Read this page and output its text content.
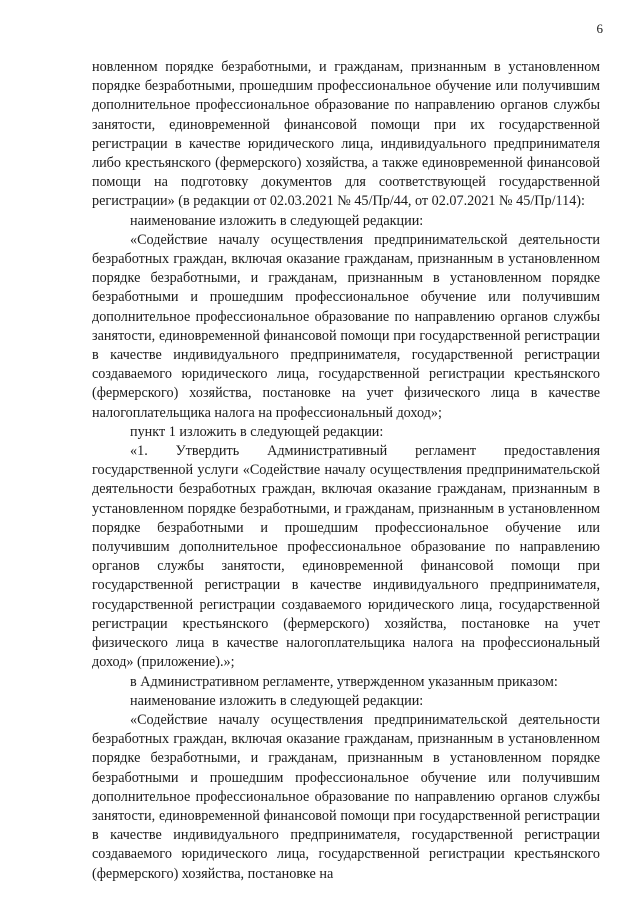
6

новленном порядке безработными, и гражданам, признанным в установленном порядке безработными, прошедшим профессиональное обучение или получившим дополнительное профессиональное образование по направлению органов службы занятости, единовременной финансовой помощи при их государственной регистрации в качестве юридического лица, индивидуального предпринимателя либо крестьянского (фермерского) хозяйства, а также единовременной финансовой помощи на подготовку документов для соответствующей государственной регистрации» (в редакции от 02.03.2021 № 45/Пр/44, от 02.07.2021 № 45/Пр/114):

наименование изложить в следующей редакции:

«Содействие началу осуществления предпринимательской деятельности безработных граждан, включая оказание гражданам, признанным в установленном порядке безработными, и гражданам, признанным в установленном порядке безработными и прошедшим профессиональное обучение или получившим дополнительное профессиональное образование по направлению органов службы занятости, единовременной финансовой помощи при государственной регистрации в качестве индивидуального предпринимателя, государственной регистрации создаваемого юридического лица, государственной регистрации крестьянского (фермерского) хозяйства, постановке на учет физического лица в качестве налогоплательщика налога на профессиональный доход»;

пункт 1 изложить в следующей редакции:

«1. Утвердить Административный регламент предоставления государственной услуги «Содействие началу осуществления предпринимательской деятельности безработных граждан, включая оказание гражданам, признанным в установленном порядке безработными, и гражданам, признанным в установленном порядке безработными и прошедшим профессиональное обучение или получившим дополнительное профессиональное образование по направлению органов службы занятости, единовременной финансовой помощи при государственной регистрации в качестве индивидуального предпринимателя, государственной регистрации создаваемого юридического лица, государственной регистрации крестьянского (фермерского) хозяйства, постановке на учет физического лица в качестве налогоплательщика налога на профессиональный доход» (приложение).»;

в Административном регламенте, утвержденном указанным приказом:

наименование изложить в следующей редакции:

«Содействие началу осуществления предпринимательской деятельности безработных граждан, включая оказание гражданам, признанным в установленном порядке безработными, и гражданам, признанным в установленном порядке безработными и прошедшим профессиональное обучение или получившим дополнительное профессиональное образование по направлению органов службы занятости, единовременной финансовой помощи при государственной регистрации в качестве индивидуального предпринимателя, государственной регистрации создаваемого юридического лица, государственной регистрации крестьянского (фермерского) хозяйства, постановке на
